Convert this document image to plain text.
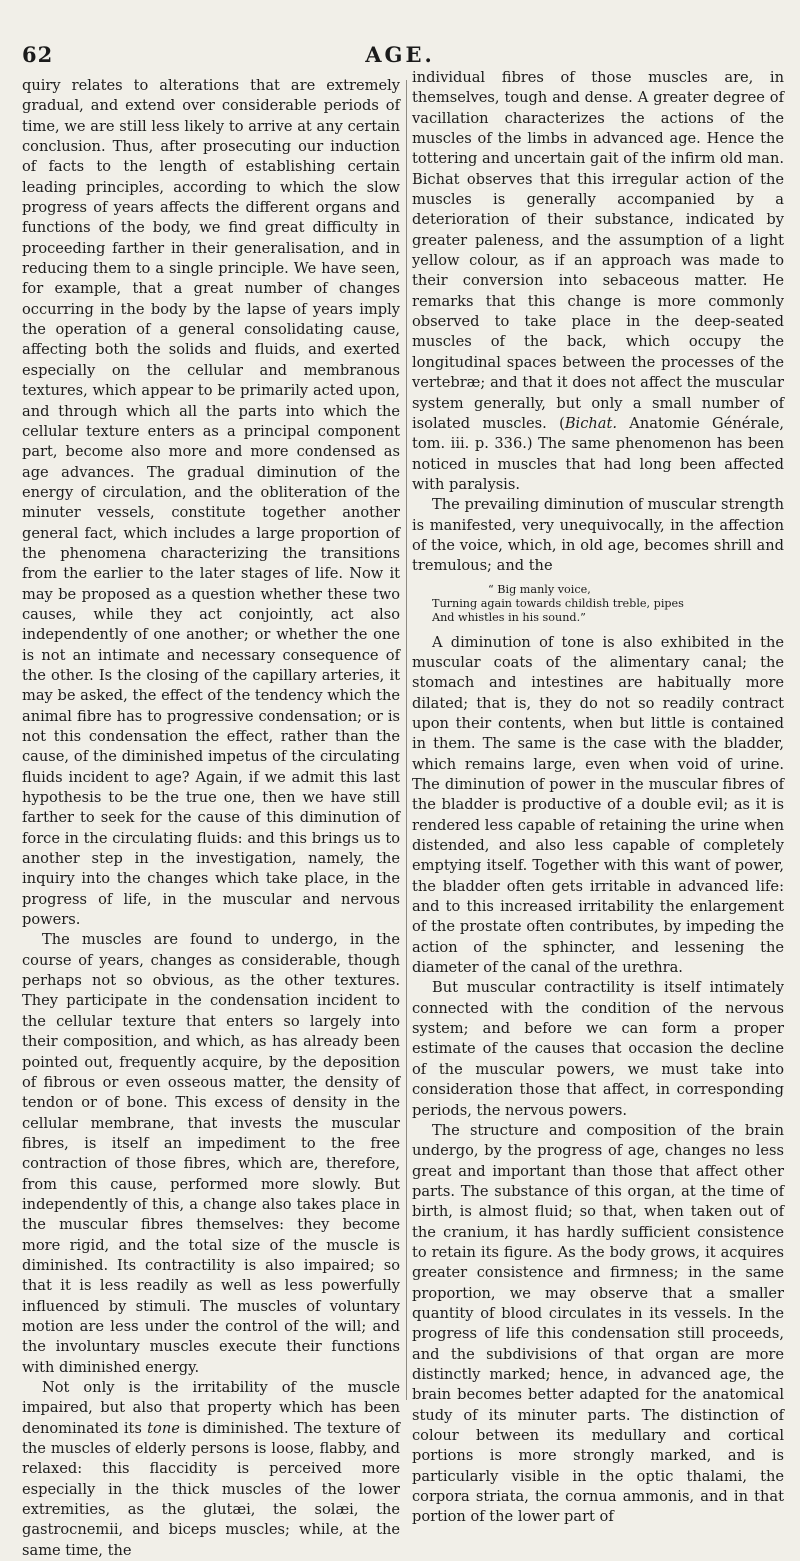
62	AGE.

quiry relates to alterations that are extremely gradual, and extend over considerable periods of time, we are still less likely to arrive at any certain conclusion. Thus, after prosecuting our induction of facts to the length of establishing certain leading principles, according to which the slow progress of years affects the different organs and functions of the body, we find great difficulty in proceeding farther in their generalisation, and in reducing them to a single principle. We have seen, for example, that a great number of changes occurring in the body by the lapse of years imply the operation of a general consolidating cause, affecting both the solids and fluids, and exerted especially on the cellular and membranous textures, which appear to be primarily acted upon, and through which all the parts into which the cellular texture enters as a principal component part, become also more and more condensed as age advances. The gradual diminution of the energy of circulation, and the obliteration of the minuter vessels, constitute together another general fact, which includes a large proportion of the phenomena characterizing the transitions from the earlier to the later stages of life. Now it may be proposed as a question whether these two causes, while they act conjointly, act also independently of one another; or whether the one is not an intimate and necessary consequence of the other. Is the closing of the capillary arteries, it may be asked, the effect of the tendency which the animal fibre has to progressive condensation; or is not this condensation the effect, rather than the cause, of the diminished impetus of the circulating fluids incident to age? Again, if we admit this last hypothesis to be the true one, then we have still farther to seek for the cause of this diminution of force in the circulating fluids: and this brings us to another step in the investigation, namely, the inquiry into the changes which take place, in the progress of life, in the muscular and nervous powers.

The muscles are found to undergo, in the course of years, changes as considerable, though perhaps not so obvious, as the other textures. They participate in the condensation incident to the cellular texture that enters so largely into their composition, and which, as has already been pointed out, frequently acquire, by the deposition of fibrous or even osseous matter, the density of tendon or of bone. This excess of density in the cellular membrane, that invests the muscular fibres, is itself an impediment to the free contraction of those fibres, which are, therefore, from this cause, performed more slowly. But independently of this, a change also takes place in the muscular fibres themselves: they become more rigid, and the total size of the muscle is diminished. Its contractility is also impaired; so that it is less readily as well as less powerfully influenced by stimuli. The muscles of voluntary motion are less under the control of the will; and the involuntary muscles execute their functions with diminished energy.

Not only is the irritability of the muscle impaired, but also that property which has been denominated its tone is diminished. The texture of the muscles of elderly persons is loose, flabby, and relaxed: this flaccidity is perceived more especially in the thick muscles of the lower extremities, as the glutæi, the solæi, the gastrocnemii, and biceps muscles; while, at the same time, the

individual fibres of those muscles are, in themselves, tough and dense. A greater degree of vacillation characterizes the actions of the muscles of the limbs in advanced age. Hence the tottering and uncertain gait of the infirm old man. Bichat observes that this irregular action of the muscles is generally accompanied by a deterioration of their substance, indicated by greater paleness, and the assumption of a light yellow colour, as if an approach was made to their conversion into sebaceous matter. He remarks that this change is more commonly observed to take place in the deep-seated muscles of the back, which occupy the longitudinal spaces between the processes of the vertebræ; and that it does not affect the muscular system generally, but only a small number of isolated muscles. (Bichat. Anatomie Générale, tom. iii. p. 336.) The same phenomenon has been noticed in muscles that had long been affected with paralysis.

The prevailing diminution of muscular strength is manifested, very unequivocally, in the affection of the voice, which, in old age, becomes shrill and tremulous; and the

“ Big manly voice,
Turning again towards childish treble, pipes
And whistles in his sound.”

A diminution of tone is also exhibited in the muscular coats of the alimentary canal; the stomach and intestines are habitually more dilated; that is, they do not so readily contract upon their contents, when but little is contained in them. The same is the case with the bladder, which remains large, even when void of urine. The diminution of power in the muscular fibres of the bladder is productive of a double evil; as it is rendered less capable of retaining the urine when distended, and also less capable of completely emptying itself. Together with this want of power, the bladder often gets irritable in advanced life: and to this increased irritability the enlargement of the prostate often contributes, by impeding the action of the sphincter, and lessening the diameter of the canal of the urethra.

But muscular contractility is itself intimately connected with the condition of the nervous system; and before we can form a proper estimate of the causes that occasion the decline of the muscular powers, we must take into consideration those that affect, in corresponding periods, the nervous powers.

The structure and composition of the brain undergo, by the progress of age, changes no less great and important than those that affect other parts. The substance of this organ, at the time of birth, is almost fluid; so that, when taken out of the cranium, it has hardly sufficient consistence to retain its figure. As the body grows, it acquires greater consistence and firmness; in the same proportion, we may observe that a smaller quantity of blood circulates in its vessels. In the progress of life this condensation still proceeds, and the subdivisions of that organ are more distinctly marked; hence, in advanced age, the brain becomes better adapted for the anatomical study of its minuter parts. The distinction of colour between its medullary and cortical portions is more strongly marked, and is particularly visible in the optic thalami, the corpora striata, the cornua ammonis, and in that portion of the lower part of
